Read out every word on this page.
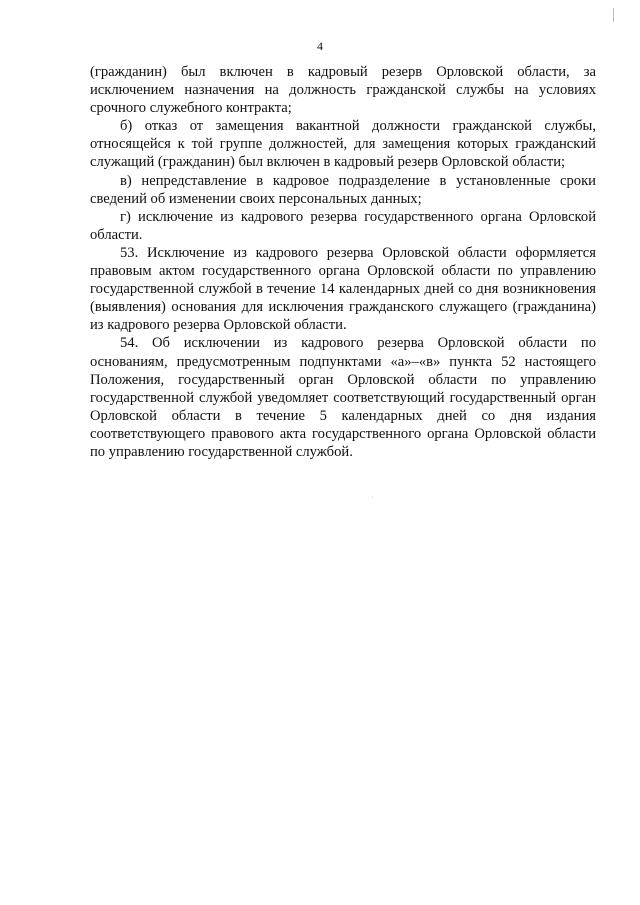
4

(гражданин) был включен в кадровый резерв Орловской области, за исключением назначения на должность гражданской службы на условиях срочного служебного контракта;

б) отказ от замещения вакантной должности гражданской службы, относящейся к той группе должностей, для замещения которых гражданский служащий (гражданин) был включен в кадровый резерв Орловской области;

в) непредставление в кадровое подразделение в установленные сроки сведений об изменении своих персональных данных;

г) исключение из кадрового резерва государственного органа Орловской области.

53. Исключение из кадрового резерва Орловской области оформляется правовым актом государственного органа Орловской области по управлению государственной службой в течение 14 календарных дней со дня возникновения (выявления) основания для исключения гражданского служащего (гражданина) из кадрового резерва Орловской области.

54. Об исключении из кадрового резерва Орловской области по основаниям, предусмотренным подпунктами «а»–«в» пункта 52 настоящего Положения, государственный орган Орловской области по управлению государственной службой уведомляет соответствующий государственный орган Орловской области в течение 5 календарных дней со дня издания соответствующего правового акта государственного органа Орловской области по управлению государственной службой.
